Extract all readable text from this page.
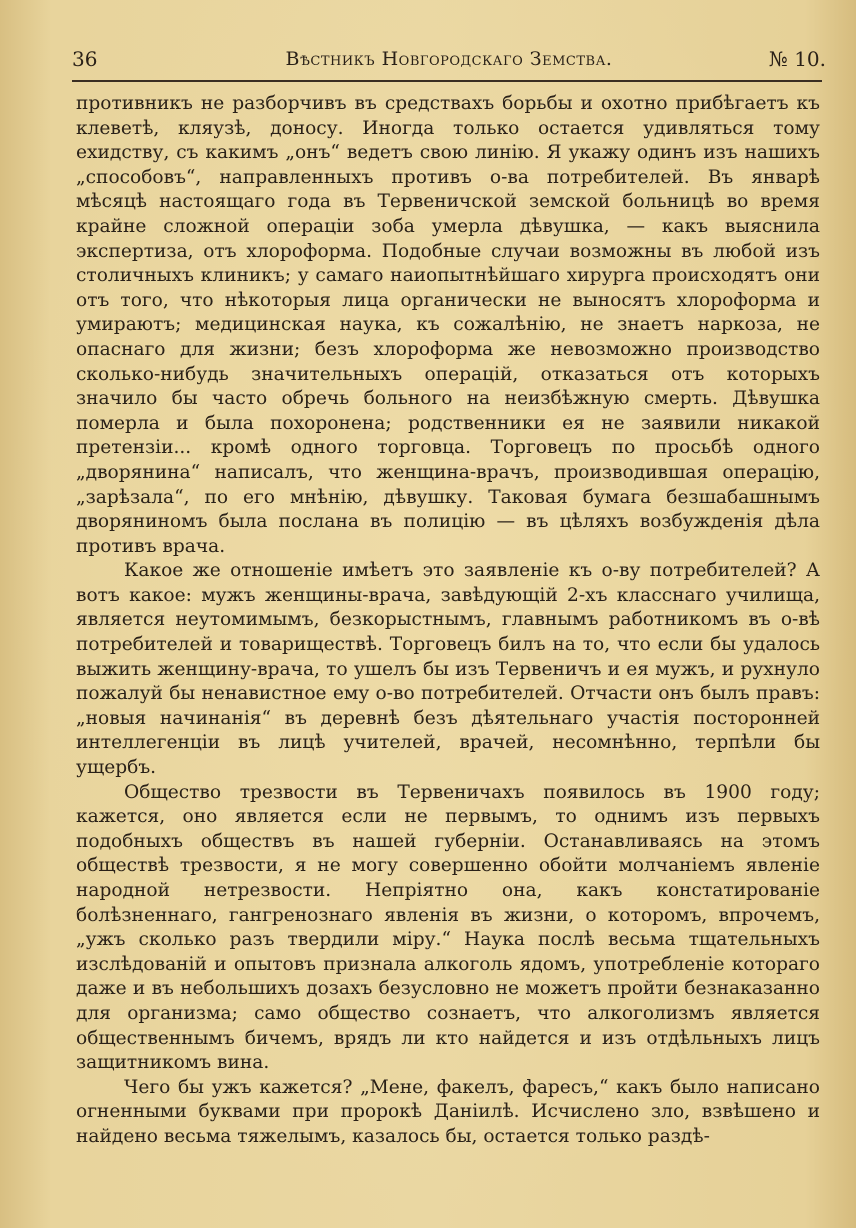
36	Вѣстникъ Новгородскаго Земства.	№ 10.

противникъ не разборчивъ въ средствахъ борьбы и охотно прибѣгаетъ къ клеветѣ, кляузѣ, доносу. Иногда только остается удивляться тому ехидству, съ какимъ „онъ“ ведетъ свою линію. Я укажу одинъ изъ нашихъ „способовъ“, направленныхъ противъ о-ва потребителей. Въ январѣ мѣсяцѣ настоящаго года въ Тервеничской земской больницѣ во время крайне сложной операціи зоба умерла дѣвушка, — какъ выяснила экспертиза, отъ хлороформа. Подобные случаи возможны въ любой изъ столичныхъ клиникъ; у самаго наиопытнѣйшаго хирурга происходятъ они отъ того, что нѣкоторыя лица органически не выносятъ хлороформа и умираютъ; медицинская наука, къ сожалѣнію, не знаетъ наркоза, не опаснаго для жизни; безъ хлороформа же невозможно производство сколько-нибудь значительныхъ операцій, отказаться отъ которыхъ значило бы часто обречь больного на неизбѣжную смерть. Дѣвушка померла и была похоронена; родственники ея не заявили никакой претензіи... кромѣ одного торговца. Торговецъ по просьбѣ одного „дворянина“ написалъ, что женщина-врачъ, производившая операцію, „зарѣзала“, по его мнѣнію, дѣвушку. Таковая бумага безшабашнымъ дворяниномъ была послана въ полицію — въ цѣляхъ возбужденія дѣла противъ врача.

Какое же отношеніе имѣетъ это заявленіе къ о-ву потребителей? А вотъ какое: мужъ женщины-врача, завѣдующій 2-хъ класснаго училища, является неутомимымъ, безкорыстнымъ, главнымъ работникомъ въ о-вѣ потребителей и товариществѣ. Торговецъ билъ на то, что если бы удалось выжить женщину-врача, то ушелъ бы изъ Тервеничъ и ея мужъ, и рухнуло пожалуй бы ненавистное ему о-во потребителей. Отчасти онъ былъ правъ: „новыя начинанія“ въ деревнѣ безъ дѣятельнаго участія посторонней интеллегенціи въ лицѣ учителей, врачей, несомнѣнно, терпѣли бы ущербъ.

Общество трезвости въ Тервеничахъ появилось въ 1900 году; кажется, оно является если не первымъ, то однимъ изъ первыхъ подобныхъ обществъ въ нашей губерніи. Останавливаясь на этомъ обществѣ трезвости, я не могу совершенно обойти молчаніемъ явленіе народной нетрезвости. Непріятно она, какъ констатированіе болѣзненнаго, гангренознаго явленія въ жизни, о которомъ, впрочемъ, „ужъ сколько разъ твердили міру.“ Наука послѣ весьма тщательныхъ изслѣдованій и опытовъ признала алкоголь ядомъ, употребленіе котораго даже и въ небольшихъ дозахъ безусловно не можетъ пройти безнаказанно для организма; само общество сознаетъ, что алкоголизмъ является общественнымъ бичемъ, врядъ ли кто найдется и изъ отдѣльныхъ лицъ защитникомъ вина.

Чего бы ужъ кажется? „Мене, факелъ, фаресъ,“ какъ было написано огненными буквами при пророкѣ Даніилѣ. Исчислено зло, взвѣшено и найдено весьма тяжелымъ, казалось бы, остается только раздѣ-
